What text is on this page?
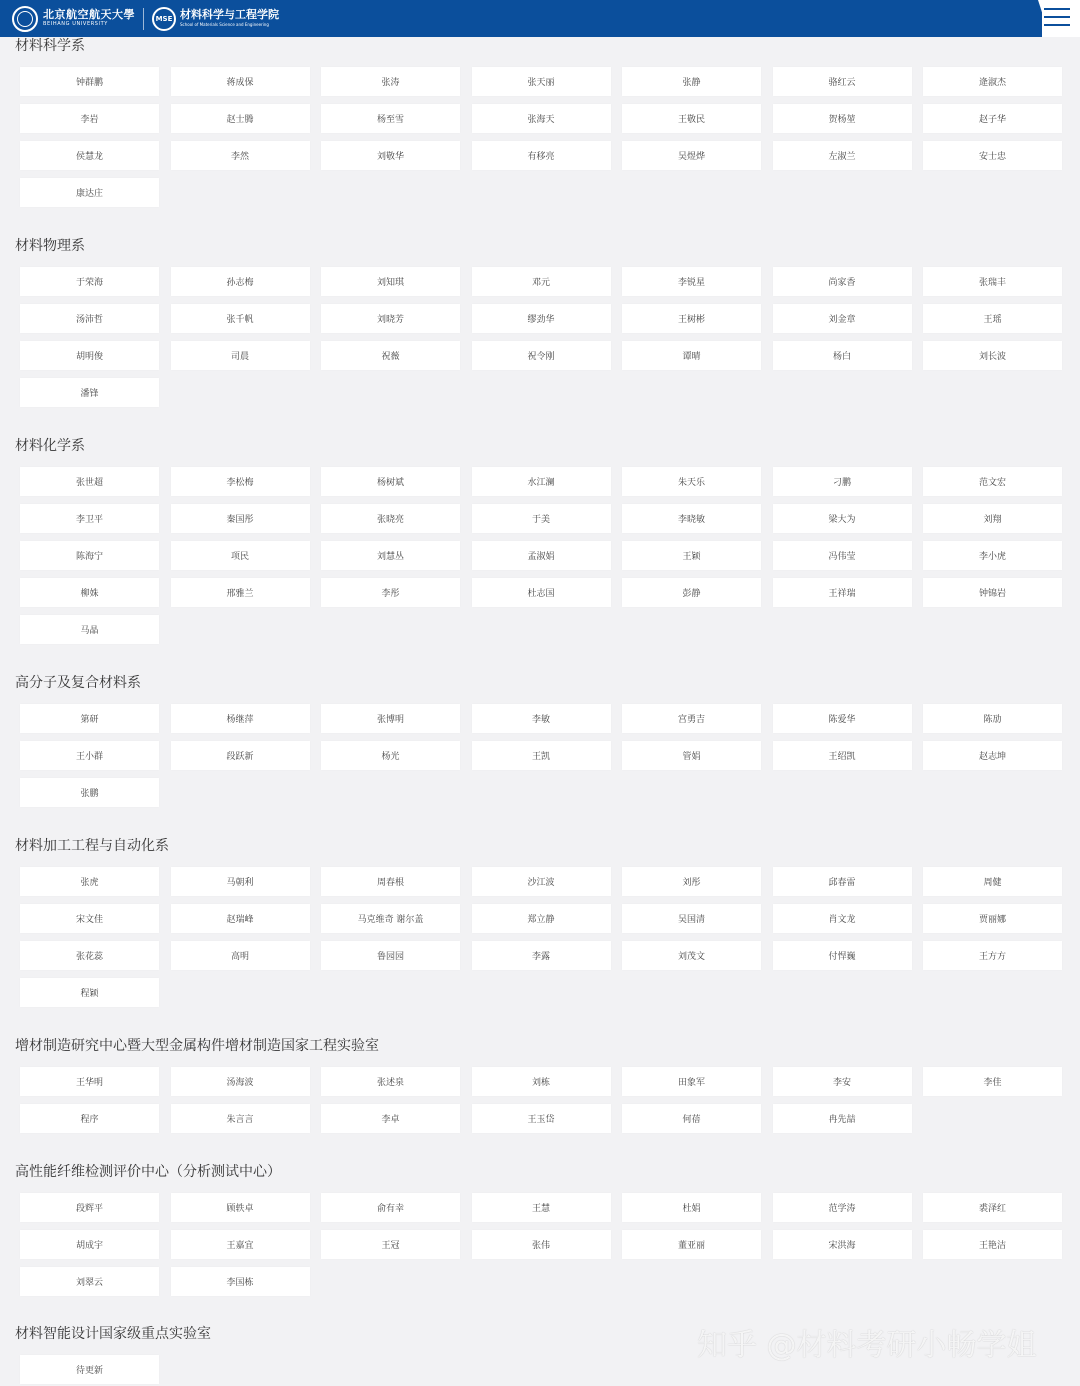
北京航空航天大學
BEIHANG UNIVERSITY
MSE 材料科学与工程学院
School of Materials Science and Engineering
材料科学系
钟群鹏	蒋成保	张涛	张天丽	张静	骆红云	逄淑杰
李岩	赵士腾	杨至雪	张海天	王敬民	贺杨堃	赵子华
侯慧龙	李然	刘敬华	有移亮	吴煜烨	左淑兰	安士忠
康达庄
材料物理系
于荣海	孙志梅	刘知琪	邓元	李锐星	尚家香	张瑞丰
汤沛哲	张千帆	刘晓芳	缪劲华	王树彬	刘金章	王瑶
胡明俊	司晨	祝薇	祝令刚	谭晴	杨白	刘长波
潘锋
材料化学系
张世超	李松梅	杨树斌	水江澜	朱天乐	刁鹏	范文宏
李卫平	秦国彤	张晓亮	于美	李晓敏	梁大为	刘翔
陈海宁	项民	刘慧丛	孟淑娟	王颖	冯伟莹	李小虎
柳姝	邢雅兰	李彤	杜志国	彭静	王祥瑞	钟锦岩
马晶
高分子及复合材料系
第研	杨继萍	张博明	李敏	宫勇吉	陈爱华	陈劢
王小群	段跃新	杨光	王凯	管娟	王绍凯	赵志坤
张鹏
材料加工工程与自动化系
张虎	马朝利	周春根	沙江波	刘彤	邱春雷	周健
宋文佳	赵瑞峰	马克维奇 谢尔盖	郑立静	吴国清	肖文龙	贾丽娜
张花蕊	高明	鲁园园	李露	刘茂文	付悍巍	王方方
程颖
增材制造研究中心暨大型金属构件增材制造国家工程实验室
王华明	汤海波	张述泉	刘栋	田象军	李安	李佳
程序	朱言言	李卓	王玉岱	何蓓	冉先喆
高性能纤维检测评价中心（分析测试中心）
段辉平	顾轶卓	俞有幸	王慧	杜娟	范学涛	裘泽红
胡成宇	王嘉宜	王冠	张伟	董亚丽	宋洪海	王艳洁
刘翠云	李国栋
材料智能设计国家级重点实验室
待更新
知乎 @材料考研小畅学姐
